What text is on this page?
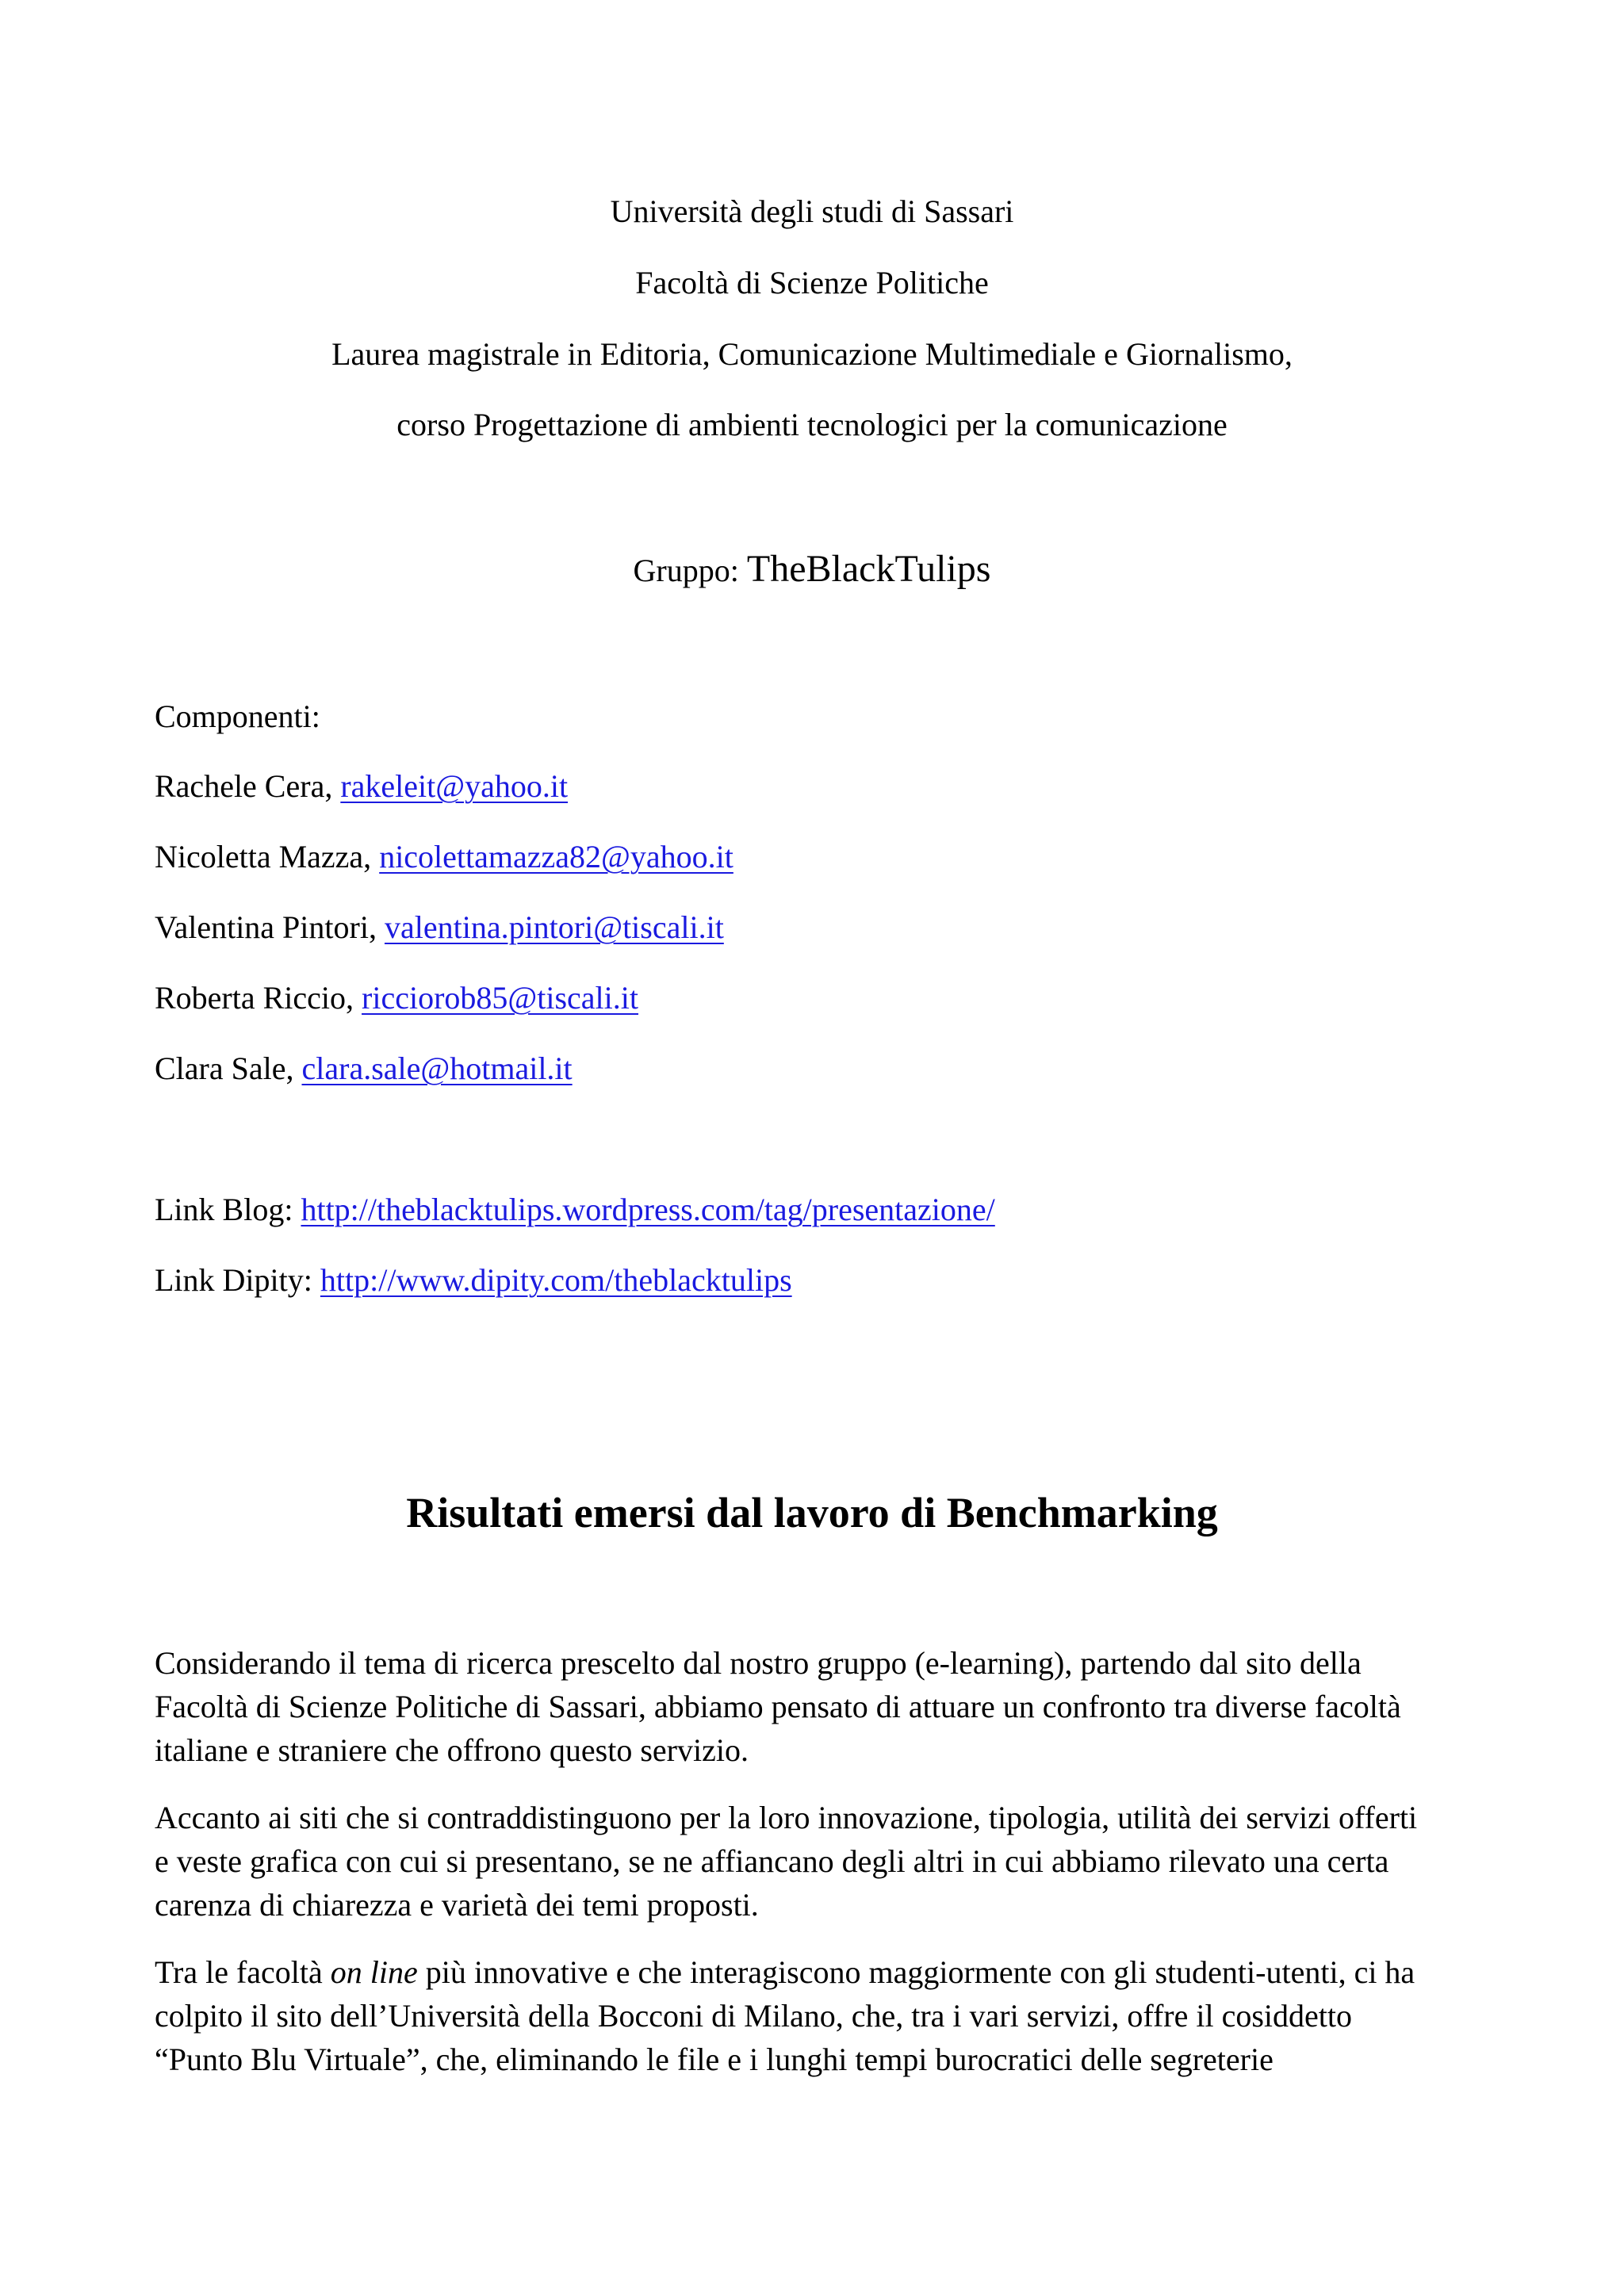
Università degli studi di Sassari
Facoltà di Scienze Politiche
Laurea magistrale in Editoria, Comunicazione Multimediale e Giornalismo,
corso Progettazione di ambienti tecnologici per la comunicazione
Gruppo: TheBlackTulips
Componenti:
Rachele Cera, rakeleit@yahoo.it
Nicoletta Mazza, nicolettamazza82@yahoo.it
Valentina Pintori, valentina.pintori@tiscali.it
Roberta Riccio, ricciorob85@tiscali.it
Clara Sale, clara.sale@hotmail.it
Link Blog: http://theblacktulips.wordpress.com/tag/presentazione/
Link Dipity: http://www.dipity.com/theblacktulips
Risultati emersi dal lavoro di Benchmarking

Considerando il tema di ricerca prescelto dal nostro gruppo (e-learning), partendo dal sito della
Facoltà di Scienze Politiche di Sassari, abbiamo pensato di attuare un confronto tra diverse facoltà
italiane e straniere che offrono questo servizio.

Accanto ai siti che si contraddistinguono per la loro innovazione, tipologia, utilità dei servizi offerti
e veste grafica con cui si presentano, se ne affiancano degli altri in cui abbiamo rilevato una certa
carenza di chiarezza e varietà dei temi proposti.

Tra le facoltà on line più innovative e che interagiscono maggiormente con gli studenti-utenti, ci ha
colpito il sito dell’Università della Bocconi di Milano, che, tra i vari servizi, offre il cosiddetto
“Punto Blu Virtuale”, che, eliminando le file e i lunghi tempi burocratici delle segreterie
